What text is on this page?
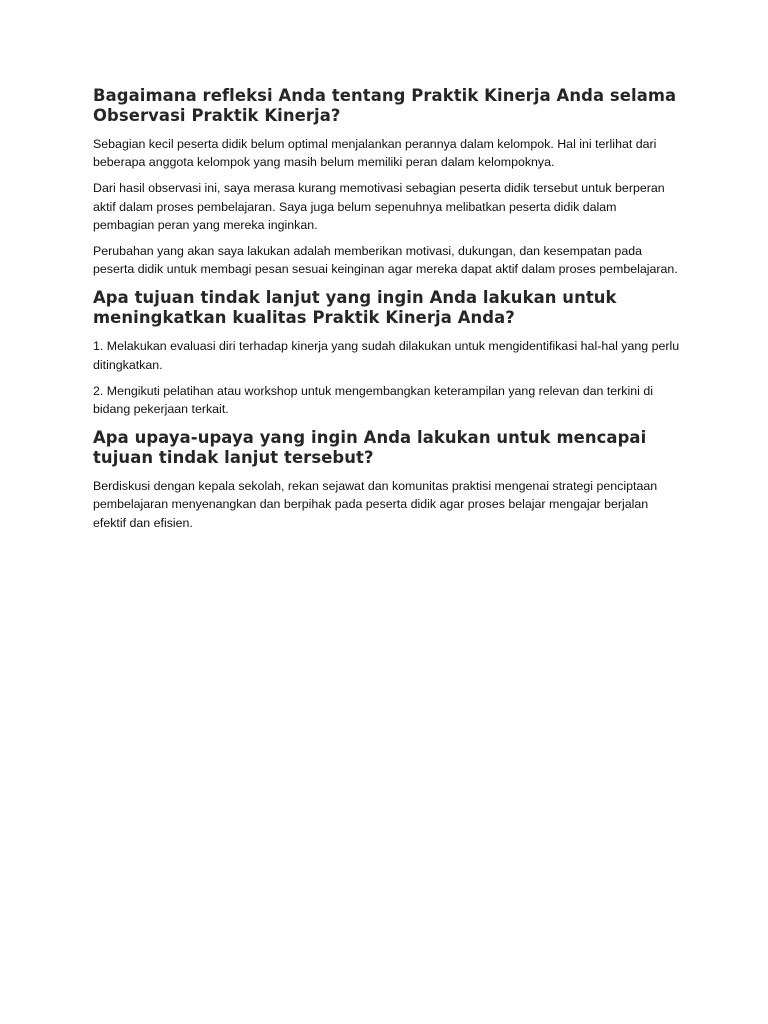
Bagaimana refleksi Anda tentang Praktik Kinerja Anda selama Observasi Praktik Kinerja?

Sebagian kecil peserta didik belum optimal menjalankan perannya dalam kelompok. Hal ini terlihat dari beberapa anggota kelompok yang masih belum memiliki peran dalam kelompoknya.

Dari hasil observasi ini, saya merasa kurang memotivasi sebagian peserta didik tersebut untuk berperan aktif dalam proses pembelajaran. Saya juga belum sepenuhnya melibatkan peserta didik dalam pembagian peran yang mereka inginkan.

Perubahan yang akan saya lakukan adalah memberikan motivasi, dukungan, dan kesempatan pada peserta didik untuk membagi pesan sesuai keinginan agar mereka dapat aktif dalam proses pembelajaran.

Apa tujuan tindak lanjut yang ingin Anda lakukan untuk meningkatkan kualitas Praktik Kinerja Anda?

1. Melakukan evaluasi diri terhadap kinerja yang sudah dilakukan untuk mengidentifikasi hal-hal yang perlu ditingkatkan.

2. Mengikuti pelatihan atau workshop untuk mengembangkan keterampilan yang relevan dan terkini di bidang pekerjaan terkait.

Apa upaya-upaya yang ingin Anda lakukan untuk mencapai tujuan tindak lanjut tersebut?

Berdiskusi dengan kepala sekolah, rekan sejawat dan komunitas praktisi mengenai strategi penciptaan pembelajaran menyenangkan dan berpihak pada peserta didik agar proses belajar mengajar berjalan efektif dan efisien.
